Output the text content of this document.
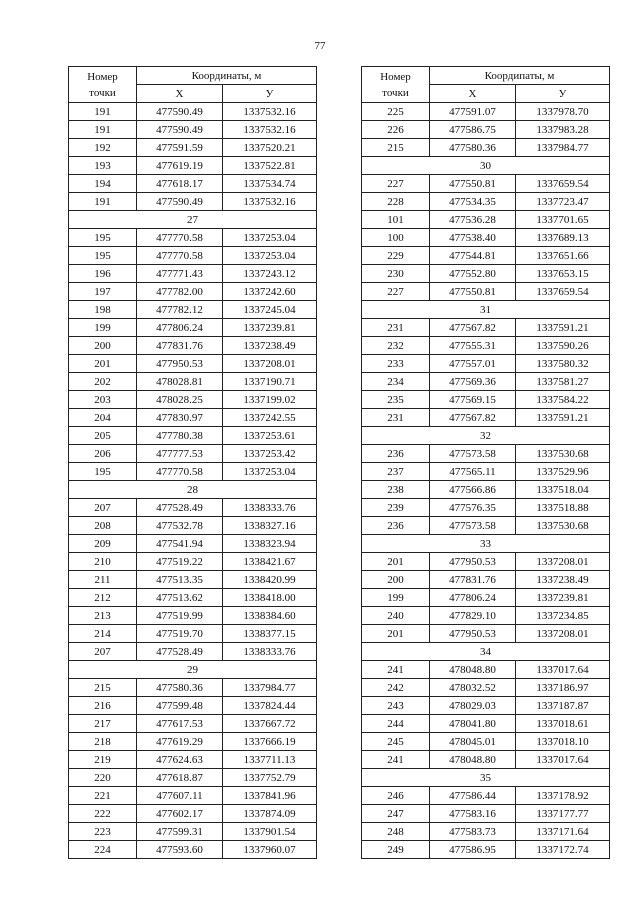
77
Номер
точки	Координаты, м	
	X	У
191	477590.49	1337532.16
191	477590.49	1337532.16
192	477591.59	1337520.21
193	477619.19	1337522.81
194	477618.17	1337534.74
191	477590.49	1337532.16
27		
195	477770.58	1337253.04
195	477770.58	1337253.04
196	477771.43	1337243.12
197	477782.00	1337242.60
198	477782.12	1337245.04
199	477806.24	1337239.81
200	477831.76	1337238.49
201	477950.53	1337208.01
202	478028.81	1337190.71
203	478028.25	1337199.02
204	477830.97	1337242.55
205	477780.38	1337253.61
206	477777.53	1337253.42
195	477770.58	1337253.04
28		
207	477528.49	1338333.76
208	477532.78	1338327.16
209	477541.94	1338323.94
210	477519.22	1338421.67
211	477513.35	1338420.99
212	477513.62	1338418.00
213	477519.99	1338384.60
214	477519.70	1338377.15
207	477528.49	1338333.76
29		
215	477580.36	1337984.77
216	477599.48	1337824.44
217	477617.53	1337667.72
218	477619.29	1337666.19
219	477624.63	1337711.13
220	477618.87	1337752.79
221	477607.11	1337841.96
222	477602.17	1337874.09
223	477599.31	1337901.54
224	477593.60	1337960.07
Номер
точки	Коордипаты, м	
	X	У
225	477591.07	1337978.70
226	477586.75	1337983.28
215	477580.36	1337984.77
30		
227	477550.81	1337659.54
228	477534.35	1337723.47
101	477536.28	1337701.65
100	477538.40	1337689.13
229	477544.81	1337651.66
230	477552.80	1337653.15
227	477550.81	1337659.54
31		
231	477567.82	1337591.21
232	477555.31	1337590.26
233	477557.01	1337580.32
234	477569.36	1337581.27
235	477569.15	1337584.22
231	477567.82	1337591.21
32		
236	477573.58	1337530.68
237	477565.11	1337529.96
238	477566.86	1337518.04
239	477576.35	1337518.88
236	477573.58	1337530.68
33		
201	477950.53	1337208.01
200	477831.76	1337238.49
199	477806.24	1337239.81
240	477829.10	1337234.85
201	477950.53	1337208.01
34		
241	478048.80	1337017.64
242	478032.52	1337186.97
243	478029.03	1337187.87
244	478041.80	1337018.61
245	478045.01	1337018.10
241	478048.80	1337017.64
35		
246	477586.44	1337178.92
247	477583.16	1337177.77
248	477583.73	1337171.64
249	477586.95	1337172.74
